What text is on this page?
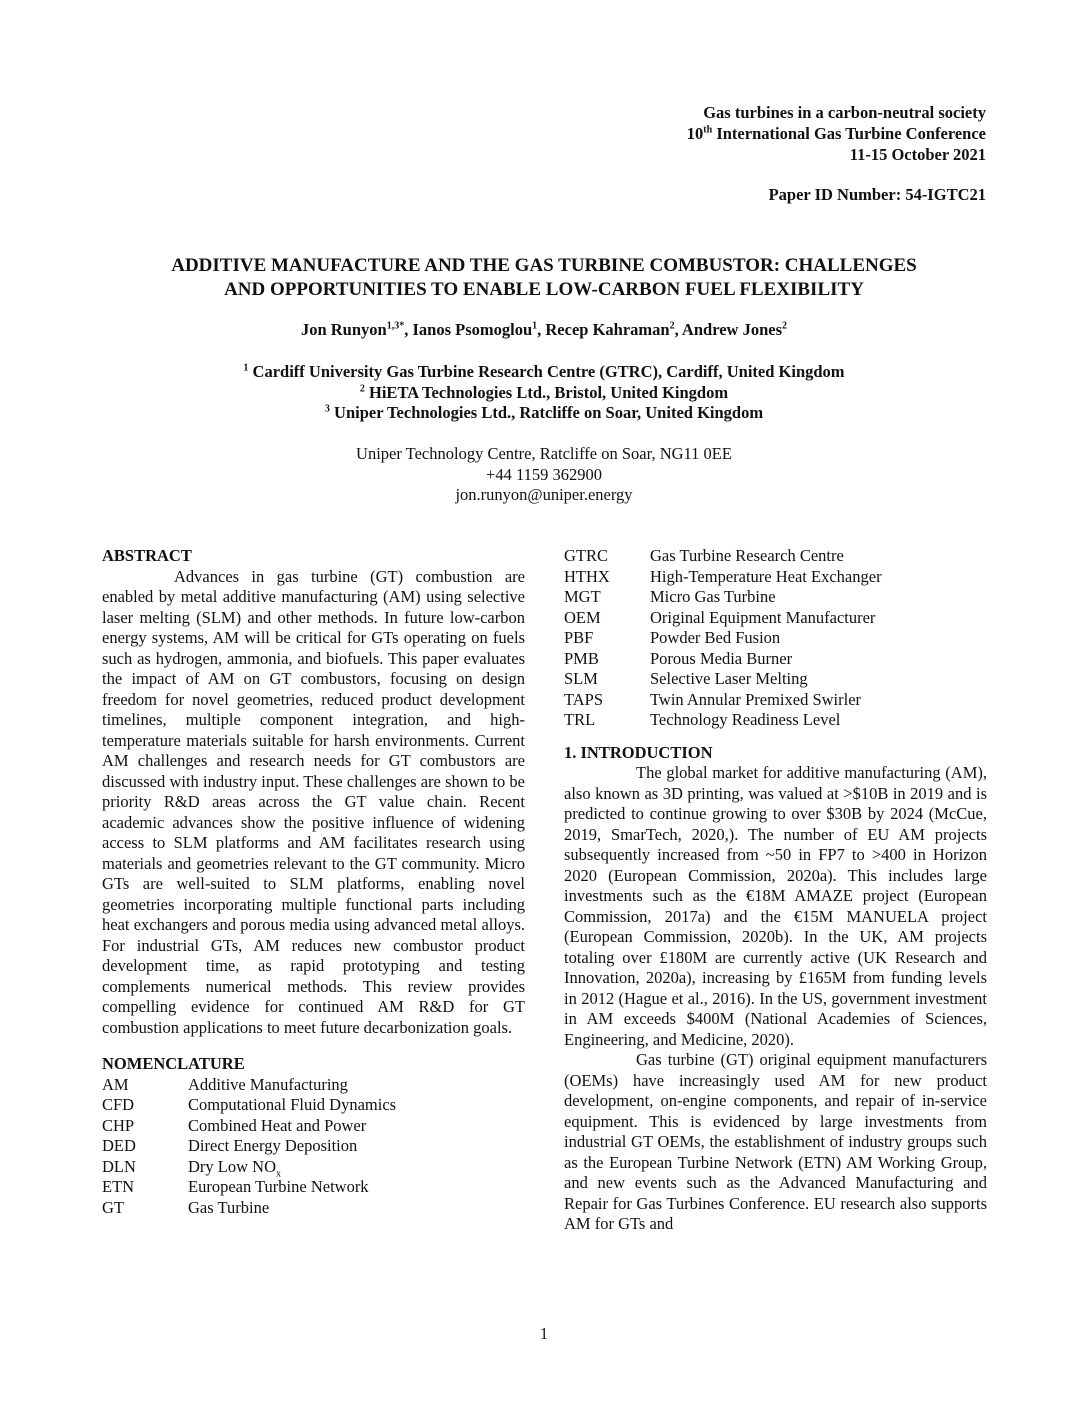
Gas turbines in a carbon-neutral society
10th International Gas Turbine Conference
11-15 October 2021
Paper ID Number: 54-IGTC21
ADDITIVE MANUFACTURE AND THE GAS TURBINE COMBUSTOR: CHALLENGES
AND OPPORTUNITIES TO ENABLE LOW-CARBON FUEL FLEXIBILITY
Jon Runyon$^{1,3*}$, Ianos Psomoglou$^1$, Recep Kahraman$^2$, Andrew Jones$^2$
$^1$ Cardiff University Gas Turbine Research Centre (GTRC), Cardiff, United Kingdom
$^2$ HiETA Technologies Ltd., Bristol, United Kingdom
$^3$ Uniper Technologies Ltd., Ratcliffe on Soar, United Kingdom
Uniper Technology Centre, Ratcliffe on Soar, NG11 0EE
+44 1159 362900
jon.runyon@uniper.energy

ABSTRACT

Advances in gas turbine (GT) combustion are enabled by metal additive manufacturing (AM) using selective laser melting (SLM) and other methods. In future low-carbon energy systems, AM will be critical for GTs operating on fuels such as hydrogen, ammonia, and biofuels. This paper evaluates the impact of AM on GT combustors, focusing on design freedom for novel geometries, reduced product development timelines, multiple component integration, and high-temperature materials suitable for harsh environments. Current AM challenges and research needs for GT combustors are discussed with industry input. These challenges are shown to be priority R&D areas across the GT value chain. Recent academic advances show the positive influence of widening access to SLM platforms and AM facilitates research using materials and geometries relevant to the GT community. Micro GTs are well-suited to SLM platforms, enabling novel geometries incorporating multiple functional parts including heat exchangers and porous media using advanced metal alloys. For industrial GTs, AM reduces new combustor product development time, as rapid prototyping and testing complements numerical methods. This review provides compelling evidence for continued AM R&D for GT combustion applications to meet future decarbonization goals.

NOMENCLATURE

AM	Additive Manufacturing
CFD	Computational Fluid Dynamics
CHP	Combined Heat and Power
DED	Direct Energy Deposition
DLN	Dry Low $NO_x$
ETN	European Turbine Network
GT	Gas Turbine
GTRC	Gas Turbine Research Centre
HTHX	High-Temperature Heat Exchanger
MGT	Micro Gas Turbine
OEM	Original Equipment Manufacturer
PBF	Powder Bed Fusion
PMB	Porous Media Burner
SLM	Selective Laser Melting
TAPS	Twin Annular Premixed Swirler
TRL	Technology Readiness Level

1. INTRODUCTION

The global market for additive manufacturing (AM), also known as 3D printing, was valued at >$10B in 2019 and is predicted to continue growing to over $30B by 2024 (McCue, 2019, SmarTech, 2020,). The number of EU AM projects subsequently increased from ~50 in FP7 to >400 in Horizon 2020 (European Commission, 2020a). This includes large investments such as the €18M AMAZE project (European Commission, 2017a) and the €15M MANUELA project (European Commission, 2020b). In the UK, AM projects totaling over £180M are currently active (UK Research and Innovation, 2020a), increasing by £165M from funding levels in 2012 (Hague et al., 2016). In the US, government investment in AM exceeds $400M (National Academies of Sciences, Engineering, and Medicine, 2020).

Gas turbine (GT) original equipment manufacturers (OEMs) have increasingly used AM for new product development, on-engine components, and repair of in-service equipment. This is evidenced by large investments from industrial GT OEMs, the establishment of industry groups such as the European Turbine Network (ETN) AM Working Group, and new events such as the Advanced Manufacturing and Repair for Gas Turbines Conference. EU research also supports AM for GTs and

1
